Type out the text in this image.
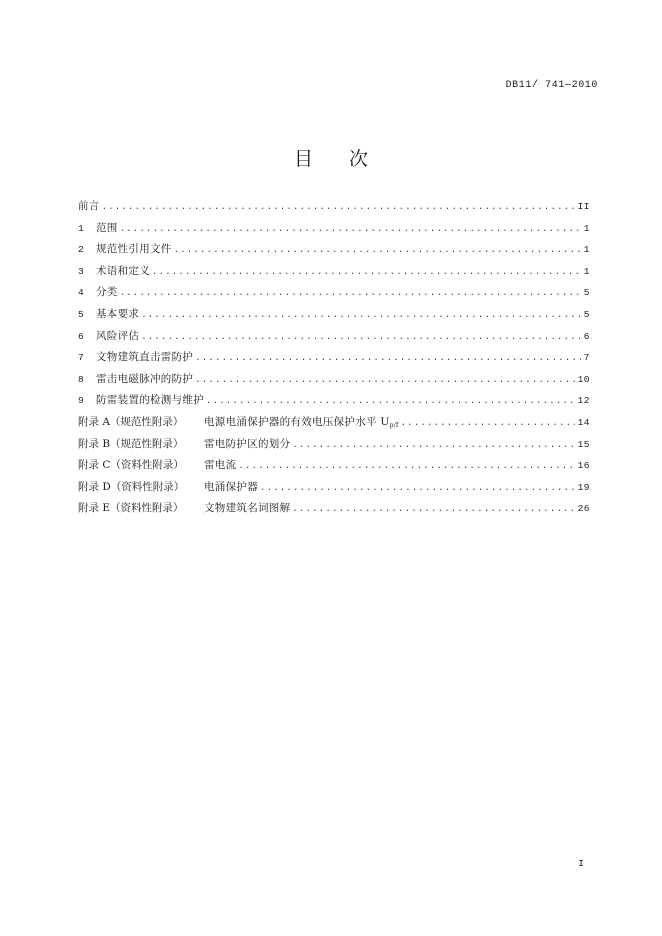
DB11/ 741—2010
目 次
前言 .....	II
1	范围 .....	1
2	规范性引用文件 .....	1
3	术语和定义 .....	1
4	分类 .....	5
5	基本要求 .....	5
6	风险评估 .....	6
7	文物建筑直击雷防护 .....	7
8	雷击电磁脉冲的防护 .....	10
9	防雷装置的检测与维护 .....	12
附录 A（规范性附录）	电源电涌保护器的有效电压保护水平 $U_{p/f}$ .....	14
附录 B（规范性附录）	雷电防护区的划分 .....	15
附录 C（资料性附录）	雷电流 .....	16
附录 D（资料性附录）	电涌保护器 .....	19
附录 E（资料性附录）	文物建筑名词图解 .....	26
I
